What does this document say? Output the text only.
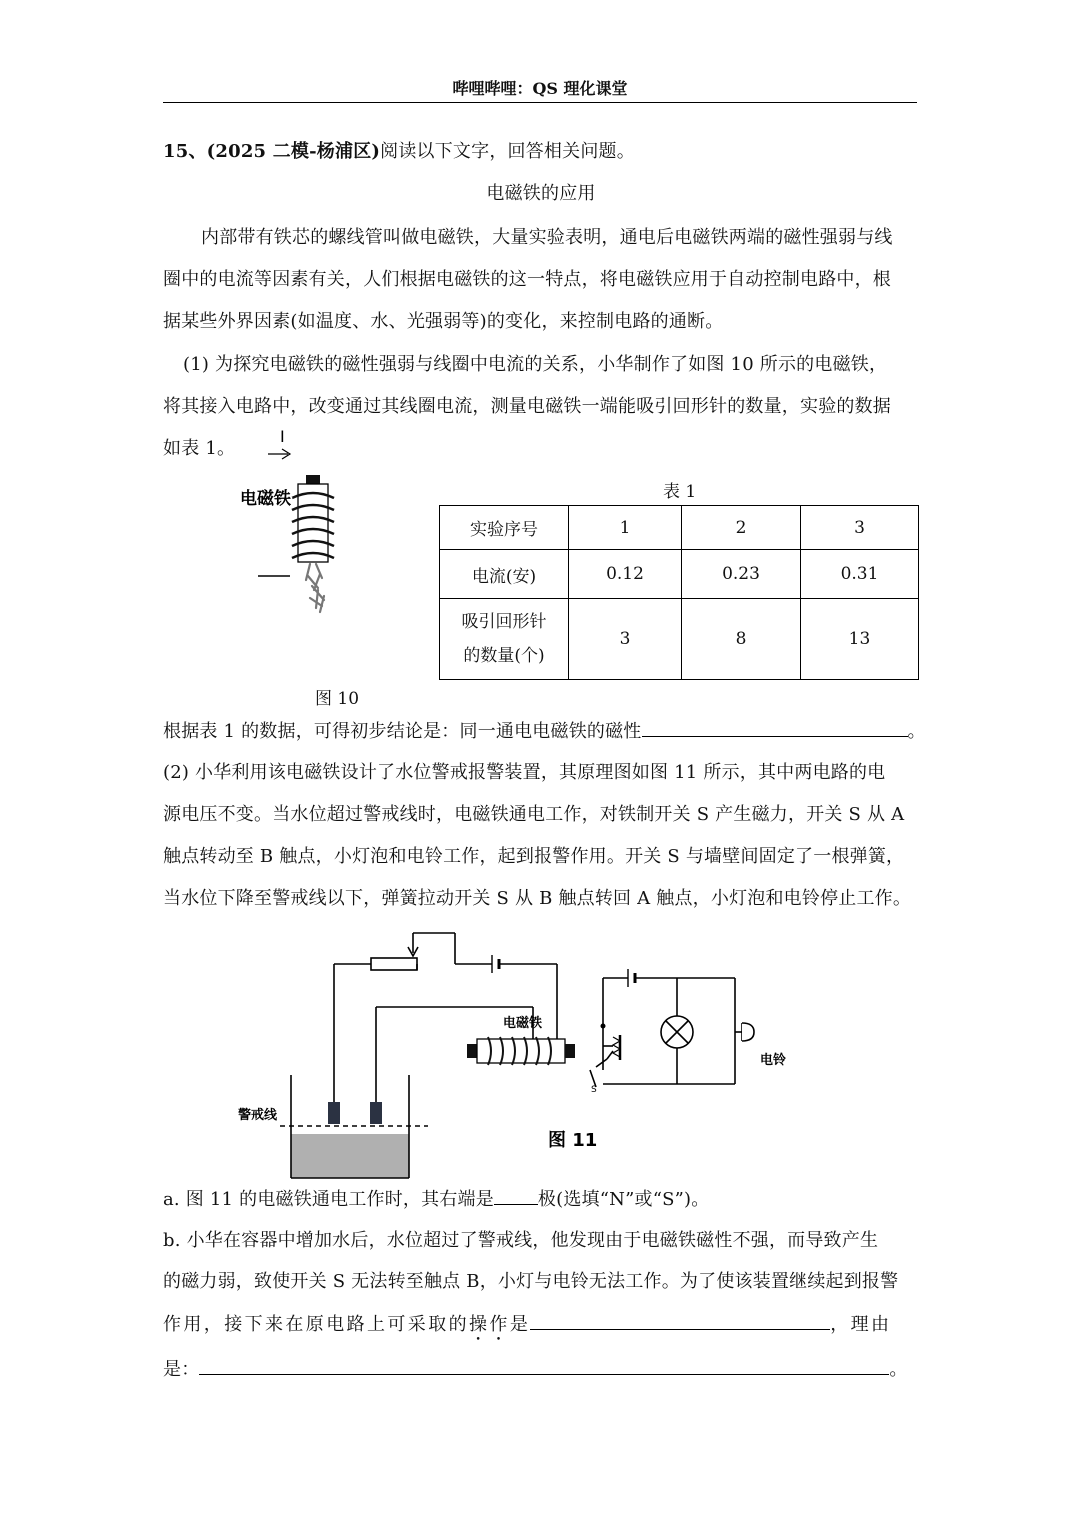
哔哩哔哩：QS 理化课堂
15、(2025 二模-杨浦区)阅读以下文字，回答相关问题。
电磁铁的应用
内部带有铁芯的螺线管叫做电磁铁，大量实验表明，通电后电磁铁两端的磁性强弱与线
圈中的电流等因素有关，人们根据电磁铁的这一特点，将电磁铁应用于自动控制电路中，根
据某些外界因素(如温度、水、光强弱等)的变化，来控制电路的通断。
(1) 为探究电磁铁的磁性强弱与线圈中电流的关系，小华制作了如图 10 所示的电磁铁，
将其接入电路中，改变通过其线圈电流，测量电磁铁一端能吸引回形针的数量，实验的数据
如表 1。
I
电磁铁
图 10
表 1
实验序号	1	2	3
电流(安)	0.12	0.23	0.31
吸引回形针
的数量(个)	3	8	13
根据表 1 的数据，可得初步结论是：同一通电电磁铁的磁性	。
(2) 小华利用该电磁铁设计了水位警戒报警装置，其原理图如图 11 所示，其中两电路的电
源电压不变。当水位超过警戒线时，电磁铁通电工作，对铁制开关 S 产生磁力，开关 S 从 A
触点转动至 B 触点，小灯泡和电铃工作，起到报警作用。开关 S 与墙壁间固定了一根弹簧，
当水位下降至警戒线以下，弹簧拉动开关 S 从 B 触点转回 A 触点，小灯泡和电铃停止工作。
电磁铁
警戒线
S
电铃
图 11
a. 图 11 的电磁铁通电工作时，其右端是 极(选填“N”或“S”)。
b. 小华在容器中增加水后，水位超过了警戒线，他发现由于电磁铁磁性不强，而导致产生
的磁力弱，致使开关 S 无法转至触点 B，小灯与电铃无法工作。为了使该装置继续起到报警
作用，接下来在原电路上可采取的操作是	，理由
是：	。
